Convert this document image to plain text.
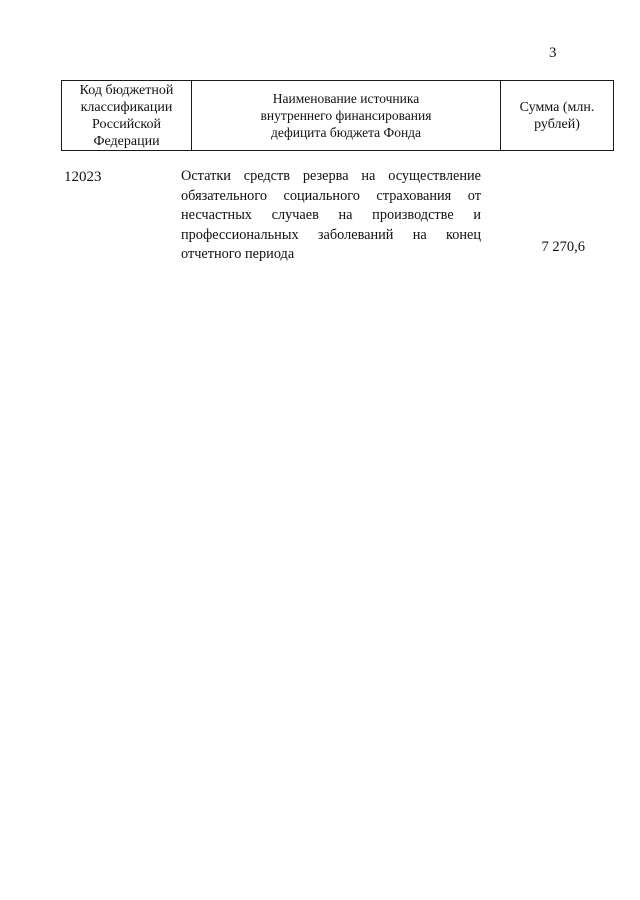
3
Код бюджетной
классификации
Российской
Федерации	Наименование источника
внутреннего финансирования
дефицита бюджета Фонда	Сумма (млн.
рублей)
12023	Остатки средств резерва на осуществление
обязательного социального страхования от
несчастных случаев на производстве и
профессиональных заболеваний на конец
отчетного периода	7 270,6
